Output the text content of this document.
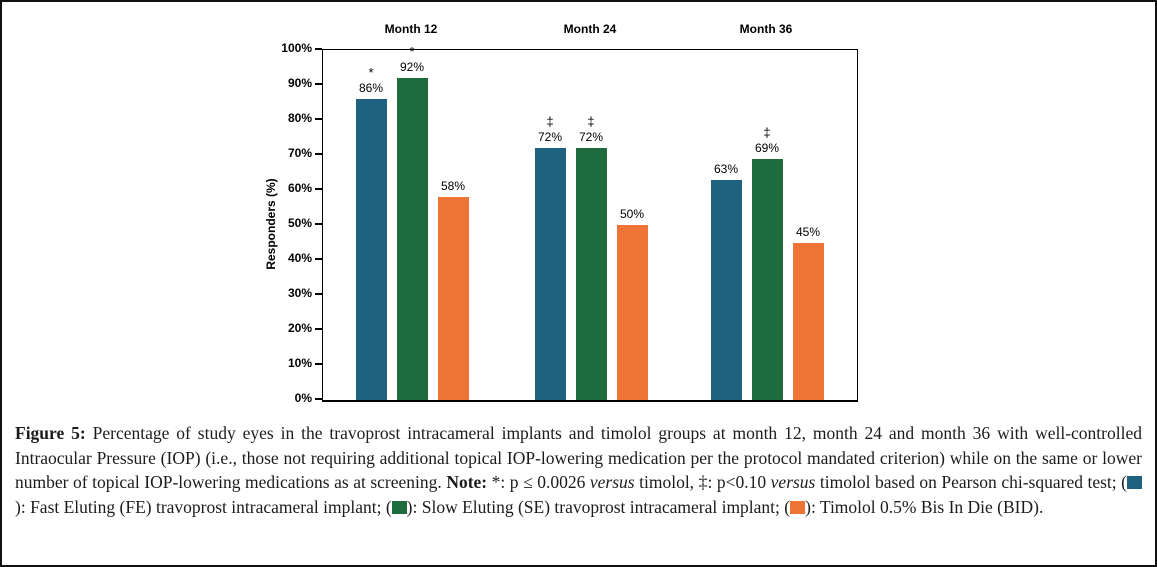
Responders (%)
86%
*
72%
‡
63%
92%
*
72%
‡
69%
‡
58%
50%
45%
0%
10%
20%
30%
40%
50%
60%
70%
80%
90%
100%
Month 12	Month 24	Month 36
Figure 5: Percentage of study eyes in the travoprost intracameral implants and timolol groups at month 12, month 24 and month 36 with well-controlled Intraocular Pressure (IOP) (i.e., those not requiring additional topical IOP-lowering medication per the protocol mandated criterion) while on the same or lower number of topical IOP-lowering medications as at screening. Note: *: p ≤ 0.0026 versus timolol, ‡: p<0.10 versus timolol based on Pearson chi-squared test; (): Fast Eluting (FE) travoprost intracameral implant; ( ): Slow Eluting (SE) travoprost intracameral implant; ( ): Timolol 0.5% Bis In Die (BID).
